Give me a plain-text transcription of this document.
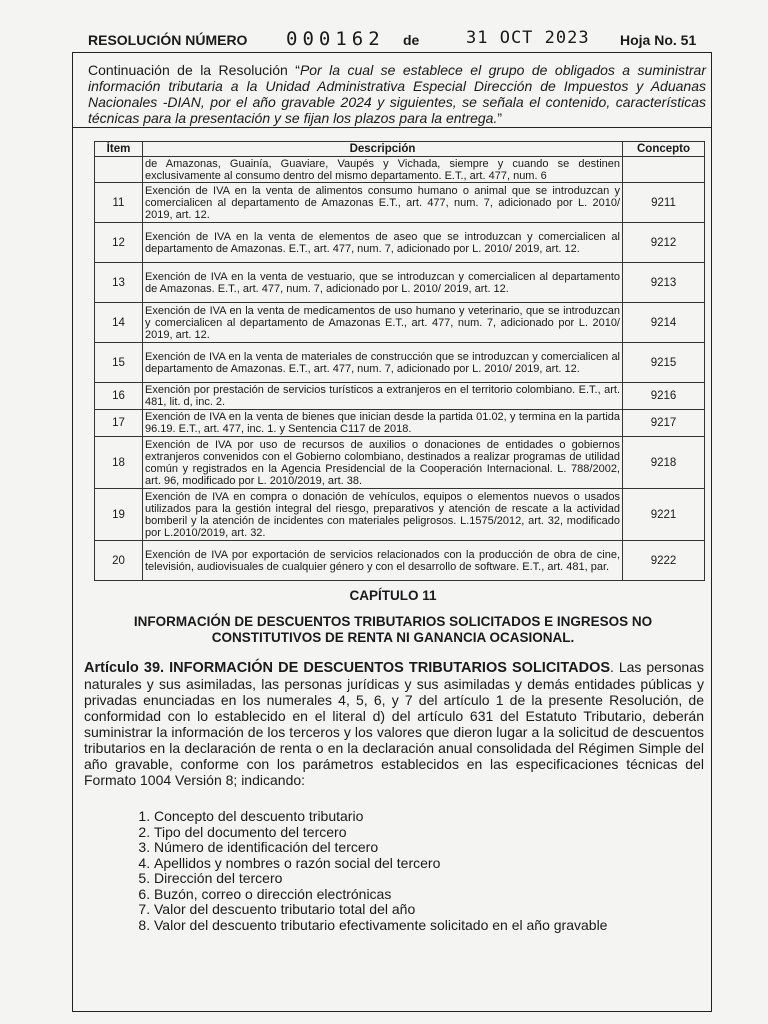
RESOLUCIÓN NÚMERO 000162 de	31 OCT 2023 Hoja No. 51
Continuación de la Resolución “Por la cual se establece el grupo de obligados a suministrar información tributaria a la Unidad Administrativa Especial Dirección de Impuestos y Aduanas Nacionales -DIAN, por el año gravable 2024 y siguientes, se señala el contenido, características técnicas para la presentación y se fijan los plazos para la entrega.”
Ítem	Descripción	Concepto
	de Amazonas, Guainía, Guaviare, Vaupés y Vichada, siempre y cuando se destinen exclusivamente al consumo dentro del mismo departamento. E.T., art. 477, num. 6	
11	Exención de IVA en la venta de alimentos consumo humano o animal que se introduzcan y comercialicen al departamento de Amazonas E.T., art. 477, num. 7, adicionado por L. 2010/ 2019, art. 12.	9211
12	Exención de IVA en la venta de elementos de aseo que se introduzcan y comercialicen al departamento de Amazonas. E.T., art. 477, num. 7, adicionado por L. 2010/ 2019, art. 12.	9212
13	Exención de IVA en la venta de vestuario, que se introduzcan y comercialicen al departamento de Amazonas. E.T., art. 477, num. 7, adicionado por L. 2010/ 2019, art. 12.	9213
14	Exención de IVA en la venta de medicamentos de uso humano y veterinario, que se introduzcan y comercialicen al departamento de Amazonas E.T., art. 477, num. 7, adicionado por L. 2010/ 2019, art. 12.	9214
15	Exención de IVA en la venta de materiales de construcción que se introduzcan y comercialicen al departamento de Amazonas. E.T., art. 477, num. 7, adicionado por L. 2010/ 2019, art. 12.	9215
16	Exención por prestación de servicios turísticos a extranjeros en el territorio colombiano. E.T., art. 481, lit. d, inc. 2.	9216
17	Exención de IVA en la venta de bienes que inician desde la partida 01.02, y termina en la partida 96.19. E.T., art. 477, inc. 1. y Sentencia C117 de 2018.	9217
18	Exención de IVA por uso de recursos de auxilios o donaciones de entidades o gobiernos extranjeros convenidos con el Gobierno colombiano, destinados a realizar programas de utilidad común y registrados en la Agencia Presidencial de la Cooperación Internacional. L. 788/2002, art. 96, modificado por L. 2010/2019, art. 38.	9218
19	Exención de IVA en compra o donación de vehículos, equipos o elementos nuevos o usados utilizados para la gestión integral del riesgo, preparativos y atención de rescate a la actividad bomberil y la atención de incidentes con materiales peligrosos. L.1575/2012, art. 32, modificado por L.2010/2019, art. 32.	9221
20	Exención de IVA por exportación de servicios relacionados con la producción de obra de cine, televisión, audiovisuales de cualquier género y con el desarrollo de software. E.T., art. 481, par.	9222
CAPÍTULO 11
INFORMACIÓN DE DESCUENTOS TRIBUTARIOS SOLICITADOS E INGRESOS NO CONSTITUTIVOS DE RENTA NI GANANCIA OCASIONAL.

Artículo 39. INFORMACIÓN DE DESCUENTOS TRIBUTARIOS SOLICITADOS. Las personas naturales y sus asimiladas, las personas jurídicas y sus asimiladas y demás entidades públicas y privadas enunciadas en los numerales 4, 5, 6, y 7 del artículo 1 de la presente Resolución, de conformidad con lo establecido en el literal d) del artículo 631 del Estatuto Tributario, deberán suministrar la información de los terceros y los valores que dieron lugar a la solicitud de descuentos tributarios en la declaración de renta o en la declaración anual consolidada del Régimen Simple del año gravable, conforme con los parámetros establecidos en las especificaciones técnicas del Formato 1004 Versión 8; indicando:

1. Concepto del descuento tributario
2. Tipo del documento del tercero
3. Número de identificación del tercero
4. Apellidos y nombres o razón social del tercero
5. Dirección del tercero
6. Buzón, correo o dirección electrónicas
7. Valor del descuento tributario total del año
8. Valor del descuento tributario efectivamente solicitado en el año gravable
